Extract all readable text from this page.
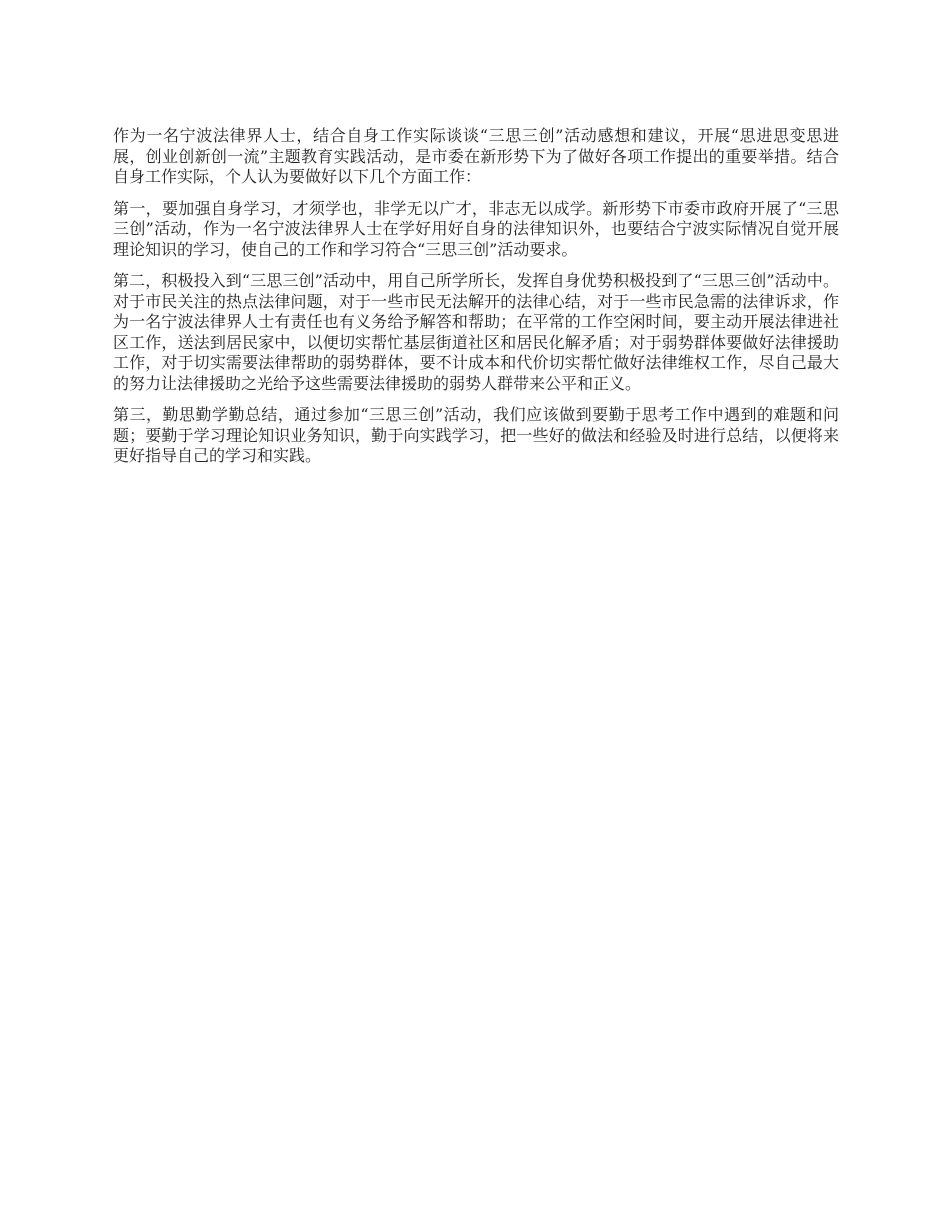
作为一名宁波法律界人士，结合自身工作实际谈谈“三思三创”活动感想和建议，开展“思进思变思进展，创业创新创一流”主题教育实践活动，是市委在新形势下为了做好各项工作提出的重要举措。结合自身工作实际，个人认为要做好以下几个方面工作：

第一，要加强自身学习，才须学也，非学无以广才，非志无以成学。新形势下市委市政府开展了“三思三创”活动，作为一名宁波法律界人士在学好用好自身的法律知识外，也要结合宁波实际情况自觉开展理论知识的学习，使自己的工作和学习符合“三思三创”活动要求。

第二，积极投入到“三思三创”活动中，用自己所学所长，发挥自身优势积极投到了“三思三创”活动中。对于市民关注的热点法律问题，对于一些市民无法解开的法律心结，对于一些市民急需的法律诉求，作为一名宁波法律界人士有责任也有义务给予解答和帮助；在平常的工作空闲时间，要主动开展法律进社区工作，送法到居民家中，以便切实帮忙基层街道社区和居民化解矛盾；对于弱势群体要做好法律援助工作，对于切实需要法律帮助的弱势群体，要不计成本和代价切实帮忙做好法律维权工作，尽自己最大的努力让法律援助之光给予这些需要法律援助的弱势人群带来公平和正义。

第三，勤思勤学勤总结，通过参加“三思三创”活动，我们应该做到要勤于思考工作中遇到的难题和问题；要勤于学习理论知识业务知识，勤于向实践学习，把一些好的做法和经验及时进行总结，以便将来更好指导自己的学习和实践。
